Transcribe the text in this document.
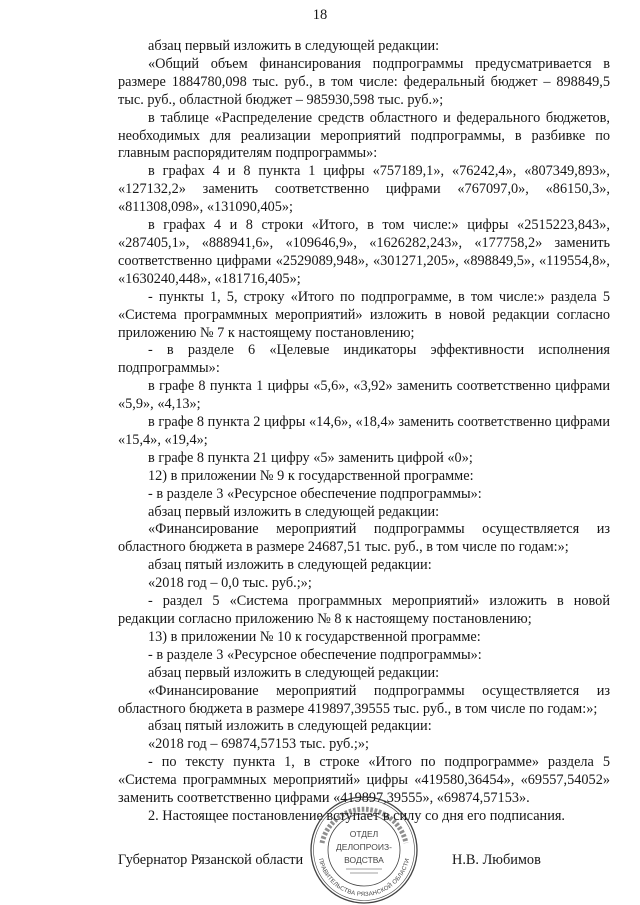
18

абзац первый изложить в следующей редакции:

«Общий объем финансирования подпрограммы предусматривается в размере 1884780,098 тыс. руб., в том числе: федеральный бюджет – 898849,5 тыс. руб., областной бюджет – 985930,598 тыс. руб.»;

в таблице «Распределение средств областного и федерального бюджетов, необходимых для реализации мероприятий подпрограммы, в разбивке по главным распорядителям подпрограммы»:

в графах 4 и 8 пункта 1 цифры «757189,1», «76242,4», «807349,893», «127132,2» заменить соответственно цифрами «767097,0», «86150,3», «811308,098», «131090,405»;

в графах 4 и 8 строки «Итого, в том числе:» цифры «2515223,843», «287405,1», «888941,6», «109646,9», «1626282,243», «177758,2» заменить соответственно цифрами «2529089,948», «301271,205», «898849,5», «119554,8», «1630240,448», «181716,405»;

- пункты 1, 5, строку «Итого по подпрограмме, в том числе:» раздела 5 «Система программных мероприятий» изложить в новой редакции согласно приложению № 7 к настоящему постановлению;

- в разделе 6 «Целевые индикаторы эффективности исполнения подпрограммы»:

в графе 8 пункта 1 цифры «5,6», «3,92» заменить соответственно цифрами «5,9», «4,13»;

в графе 8 пункта 2 цифры «14,6», «18,4» заменить соответственно цифрами «15,4», «19,4»;

в графе 8 пункта 21 цифру «5» заменить цифрой «0»;

12) в приложении № 9 к государственной программе:

- в разделе 3 «Ресурсное обеспечение подпрограммы»:

абзац первый изложить в следующей редакции:

«Финансирование мероприятий подпрограммы осуществляется из областного бюджета в размере 24687,51 тыс. руб., в том числе по годам:»;

абзац пятый изложить в следующей редакции:

«2018 год – 0,0 тыс. руб.;»;

- раздел 5 «Система программных мероприятий» изложить в новой редакции согласно приложению № 8 к настоящему постановлению;

13) в приложении № 10 к государственной программе:

- в разделе 3 «Ресурсное обеспечение подпрограммы»:

абзац первый изложить в следующей редакции:

«Финансирование мероприятий подпрограммы осуществляется из областного бюджета в размере 419897,39555 тыс. руб., в том числе по годам:»;

абзац пятый изложить в следующей редакции:

«2018 год – 69874,57153 тыс. руб.;»;

- по тексту пункта 1, в строке «Итого по подпрограмме» раздела 5 «Система программных мероприятий» цифры «419580,36454», «69557,54052» заменить соответственно цифрами «419897,39555», «69874,57153».

2. Настоящее постановление вступает в силу со дня его подписания.

Губернатор Рязанской области	Н.В. Любимов
ПРАВИТЕЛЬСТВА РЯЗАНСКОЙ ОБЛАСТИ
ОТДЕЛ
ДЕЛОПРОИЗ-
ВОДСТВА
